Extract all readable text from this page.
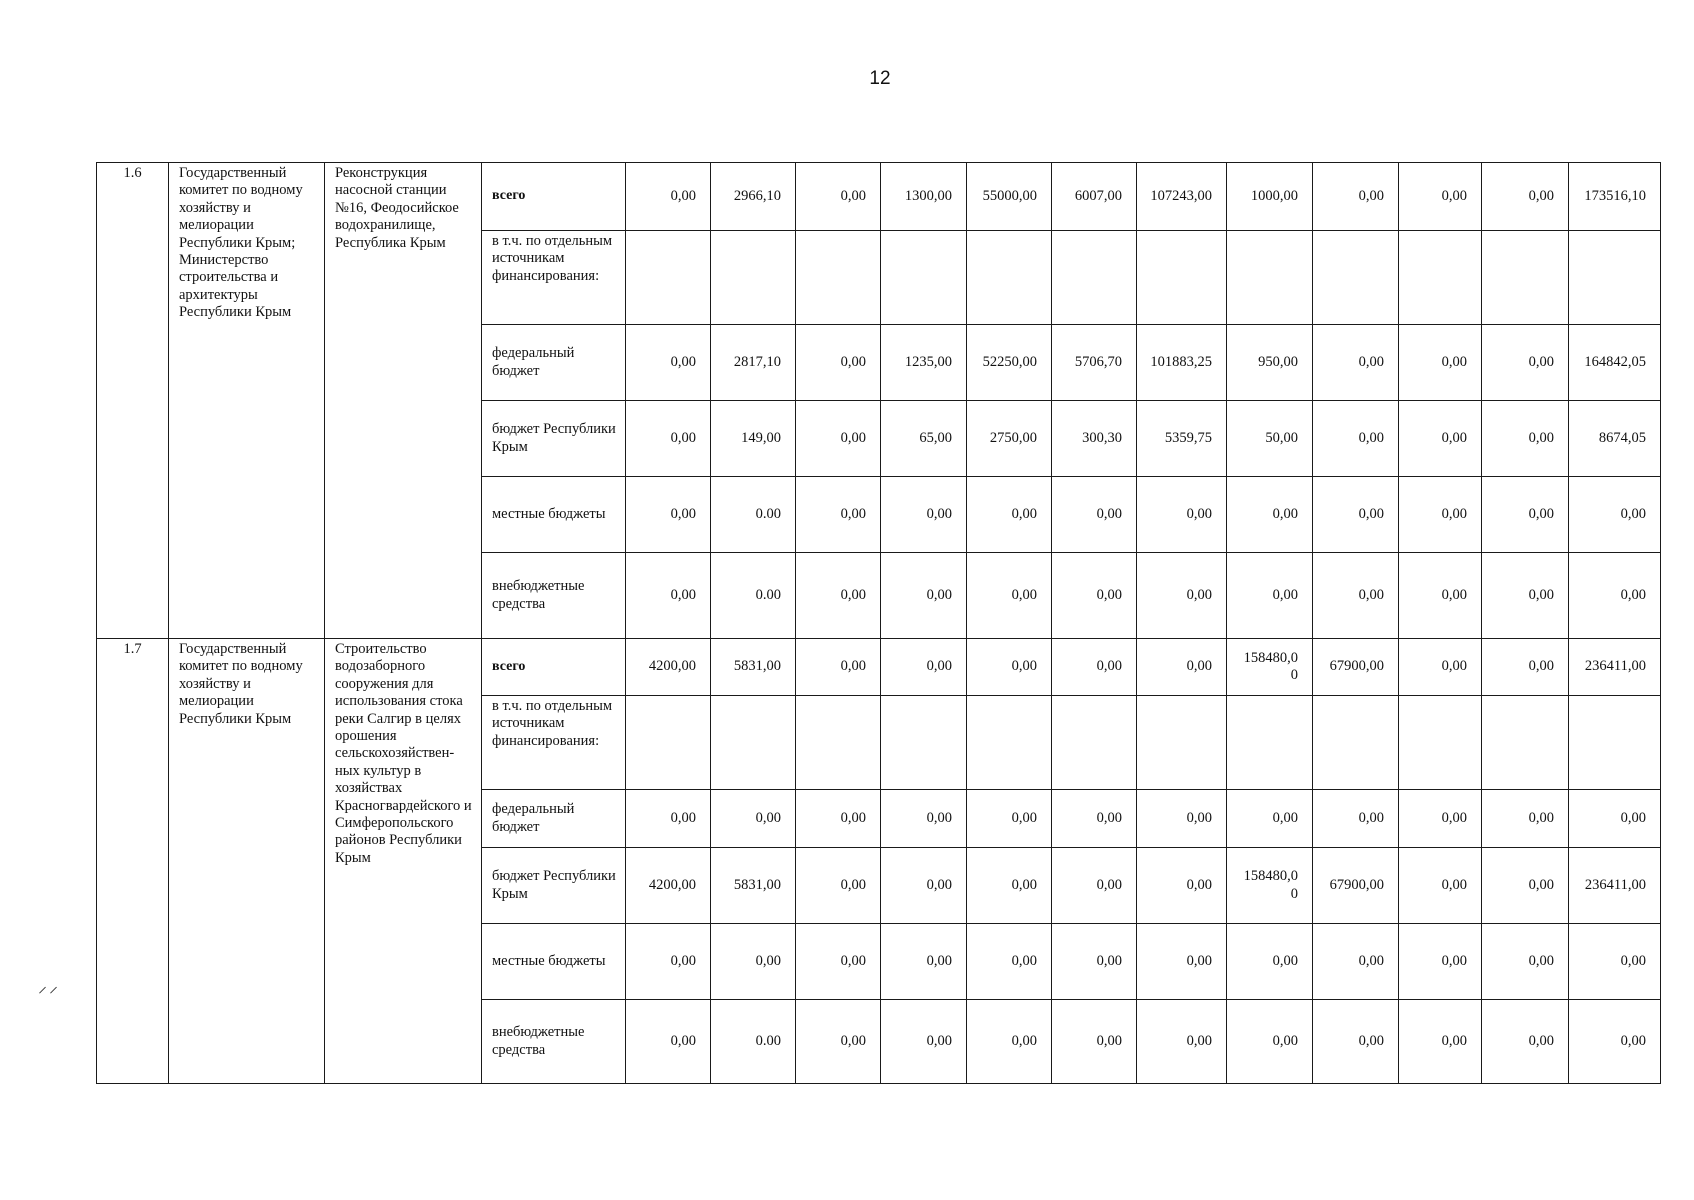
12
1.6	Государственный комитет по водному хозяйству и мелиорации Республики Крым; Министерство строительства и архитектуры Республики Крым	Реконструкция насосной станции №16, Феодосийское водохранилище, Республика Крым	всего	0,00	2966,10	0,00	1300,00	55000,00	6007,00	107243,00	1000,00	0,00	0,00	0,00	173516,10
			в т.ч. по отдельным источникам финансирования:												
			федеральный бюджет	0,00	2817,10	0,00	1235,00	52250,00	5706,70	101883,25	950,00	0,00	0,00	0,00	164842,05
			бюджет Республики Крым	0,00	149,00	0,00	65,00	2750,00	300,30	5359,75	50,00	0,00	0,00	0,00	8674,05
			местные бюджеты	0,00	0.00	0,00	0,00	0,00	0,00	0,00	0,00	0,00	0,00	0,00	0,00
			внебюджетные средства	0,00	0.00	0,00	0,00	0,00	0,00	0,00	0,00	0,00	0,00	0,00	0,00
1.7	Государственный комитет по водному хозяйству и мелиорации Республики Крым	Строительство водозаборного сооружения для использования стока реки Салгир в целях орошения сельскохозяйствен-ных культур в хозяйствах Красногвардейского и Симферопольского районов Республики Крым	всего	4200,00	5831,00	0,00	0,00	0,00	0,00	0,00	158480,00	67900,00	0,00	0,00	236411,00
			в т.ч. по отдельным источникам финансирования:												
			федеральный бюджет	0,00	0,00	0,00	0,00	0,00	0,00	0,00	0,00	0,00	0,00	0,00	0,00
			бюджет Республики Крым	4200,00	5831,00	0,00	0,00	0,00	0,00	0,00	158480,00	67900,00	0,00	0,00	236411,00
			местные бюджеты	0,00	0,00	0,00	0,00	0,00	0,00	0,00	0,00	0,00	0,00	0,00	0,00
			внебюджетные средства	0,00	0.00	0,00	0,00	0,00	0,00	0,00	0,00	0,00	0,00	0,00	0,00
⸝⸝
